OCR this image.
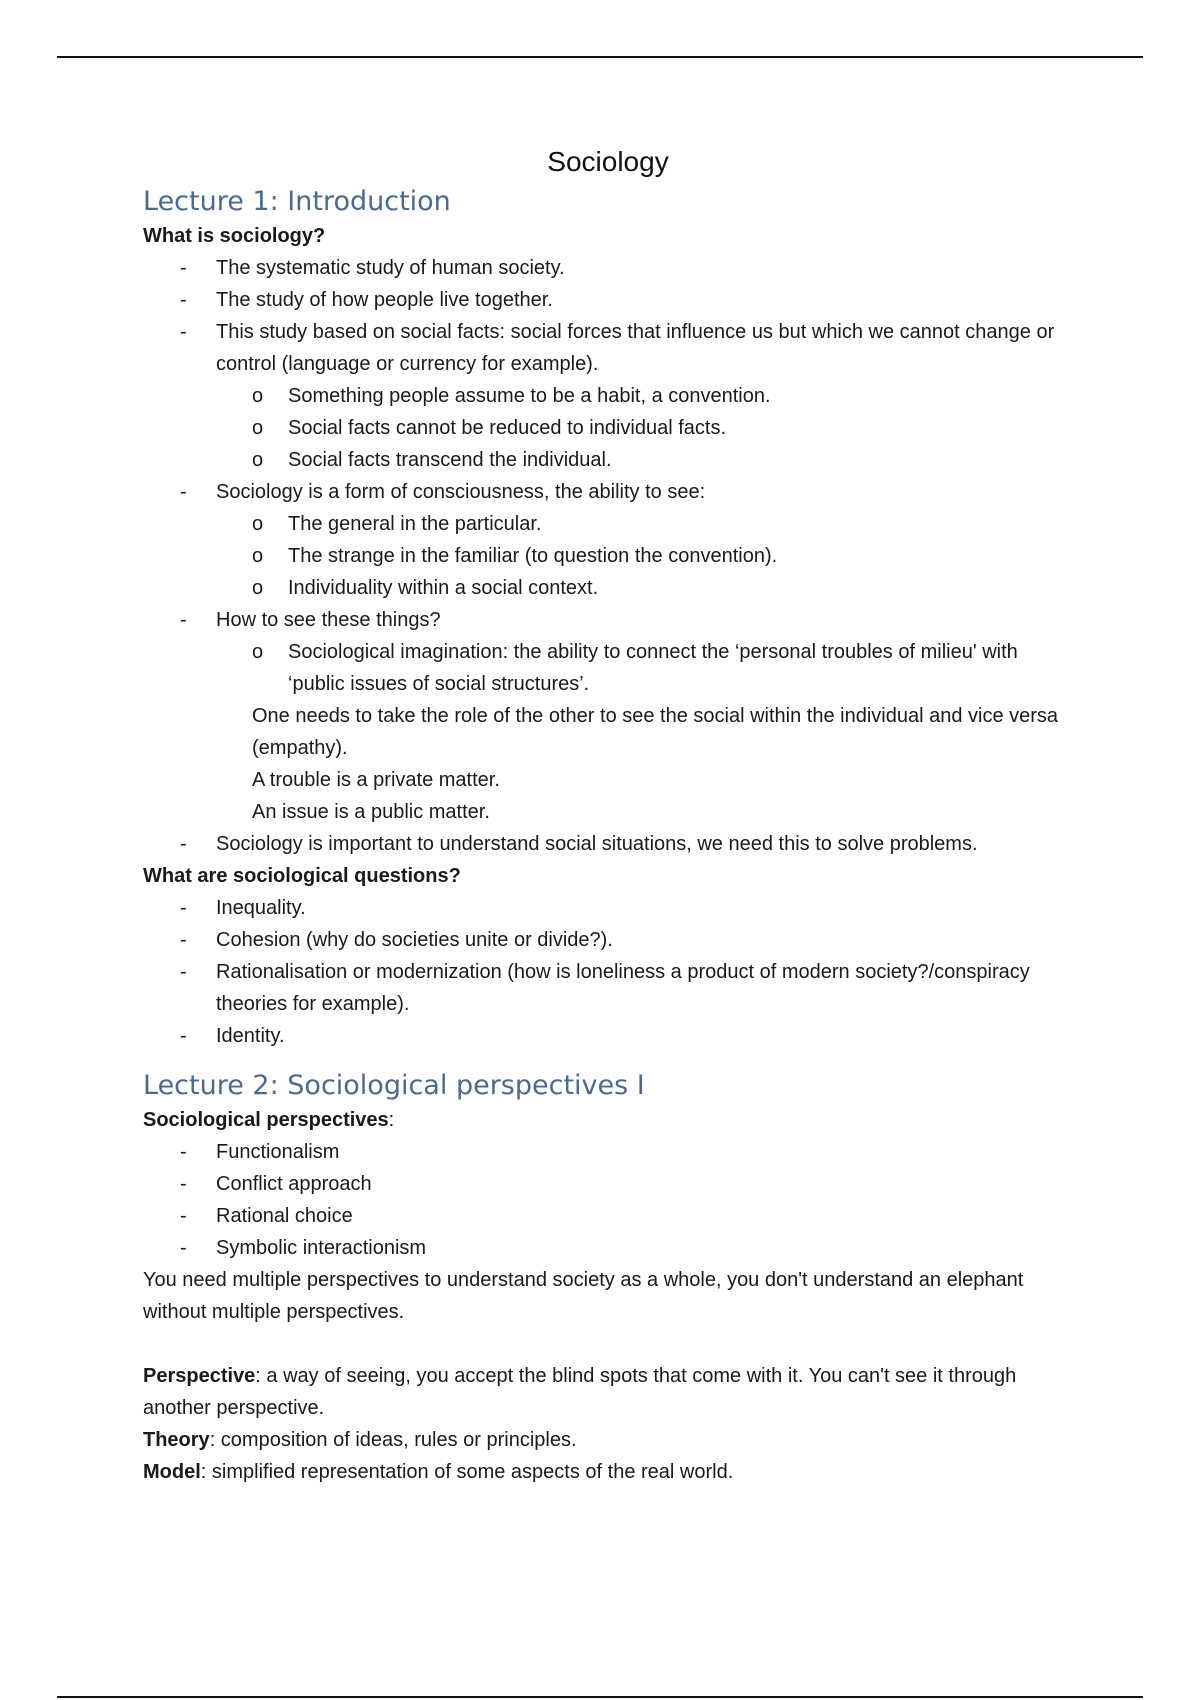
Sociology
Lecture 1: Introduction

What is sociology?

- The systematic study of human society.
- The study of how people live together.
- This study based on social facts: social forces that influence us but which we cannot change or control (language or currency for example).
o Something people assume to be a habit, a convention.
o Social facts cannot be reduced to individual facts.
o Social facts transcend the individual.
- Sociology is a form of consciousness, the ability to see:
o The general in the particular.
o The strange in the familiar (to question the convention).
o Individuality within a social context.
- How to see these things?
o Sociological imagination: the ability to connect the ‘personal troubles of milieu' with ‘public issues of social structures’.

One needs to take the role of the other to see the social within the individual and vice versa (empathy).

A trouble is a private matter.

An issue is a public matter.

- Sociology is important to understand social situations, we need this to solve problems.

What are sociological questions?

- Inequality.
- Cohesion (why do societies unite or divide?).
- Rationalisation or modernization (how is loneliness a product of modern society?/conspiracy theories for example).
- Identity.
Lecture 2: Sociological perspectives I

Sociological perspectives:

- Functionalism
- Conflict approach
- Rational choice
- Symbolic interactionism

You need multiple perspectives to understand society as a whole, you don't understand an elephant without multiple perspectives.

Perspective: a way of seeing, you accept the blind spots that come with it. You can't see it through another perspective.

Theory: composition of ideas, rules or principles.

Model: simplified representation of some aspects of the real world.
